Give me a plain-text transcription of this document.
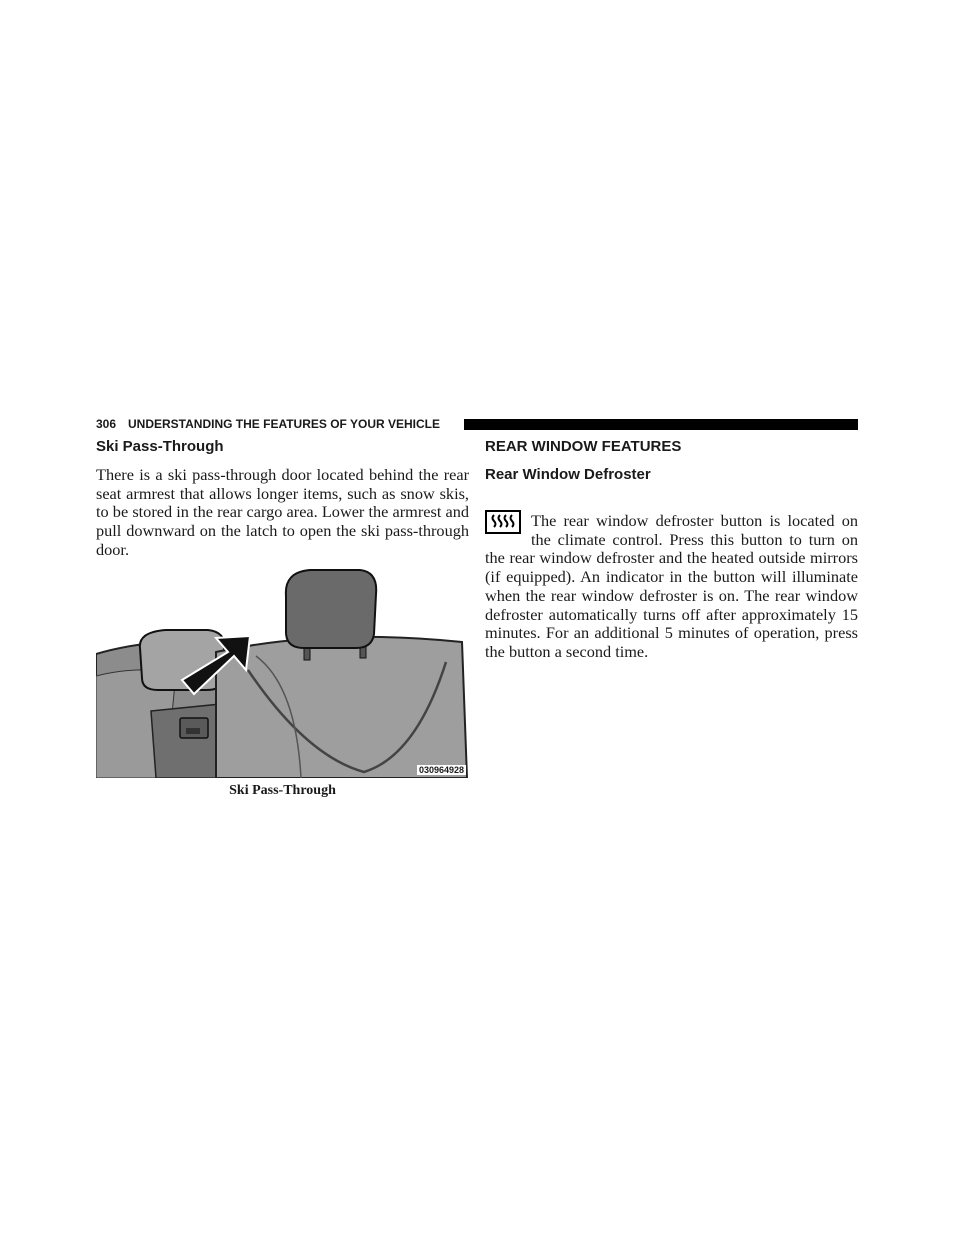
306 UNDERSTANDING THE FEATURES OF YOUR VEHICLE
Ski Pass-Through

There is a ski pass-through door located behind the rear seat armrest that allows longer items, such as snow skis, to be stored in the rear cargo area. Lower the armrest and pull downward on the latch to open the ski pass-through door.

030964928
Ski Pass-Through
REAR WINDOW FEATURES
Rear Window Defroster
The rear window defroster button is located on the climate control. Press this button to turn on the rear window defroster and the heated outside mirrors (if equipped). An indicator in the button will illuminate when the rear window defroster is on. The rear window defroster automatically turns off after approximately 15 minutes. For an additional 5 minutes of operation, press the button a second time.
